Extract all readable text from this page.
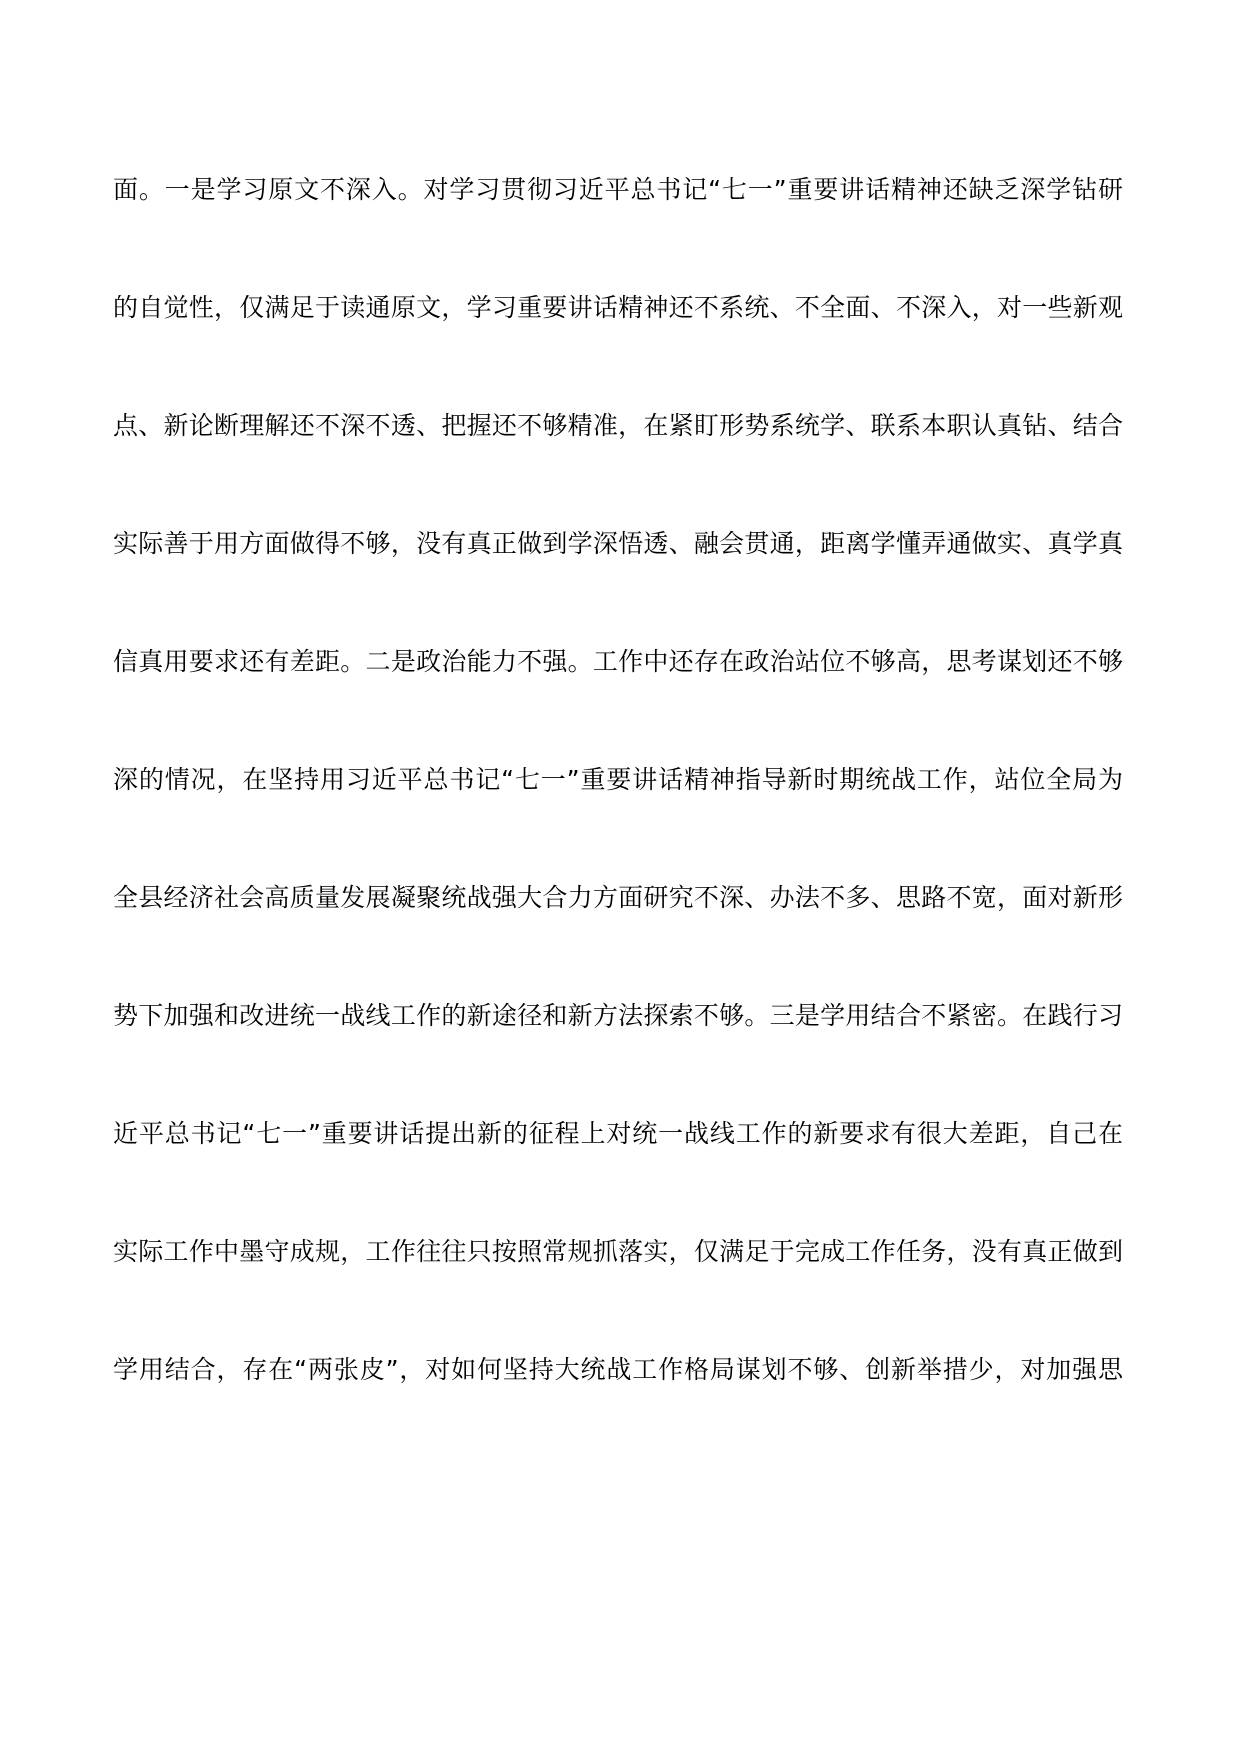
面。一是学习原文不深入。对学习贯彻习近平总书记“七一”重要讲话精神还缺乏深学钻研
的自觉性，仅满足于读通原文，学习重要讲话精神还不系统、不全面、不深入，对一些新观
点、新论断理解还不深不透、把握还不够精准，在紧盯形势系统学、联系本职认真钻、结合
实际善于用方面做得不够，没有真正做到学深悟透、融会贯通，距离学懂弄通做实、真学真
信真用要求还有差距。二是政治能力不强。工作中还存在政治站位不够高，思考谋划还不够
深的情况，在坚持用习近平总书记“七一”重要讲话精神指导新时期统战工作，站位全局为
全县经济社会高质量发展凝聚统战强大合力方面研究不深、办法不多、思路不宽，面对新形
势下加强和改进统一战线工作的新途径和新方法探索不够。三是学用结合不紧密。在践行习
近平总书记“七一”重要讲话提出新的征程上对统一战线工作的新要求有很大差距，自己在
实际工作中墨守成规，工作往往只按照常规抓落实，仅满足于完成工作任务，没有真正做到
学用结合，存在“两张皮”，对如何坚持大统战工作格局谋划不够、创新举措少，对加强思
